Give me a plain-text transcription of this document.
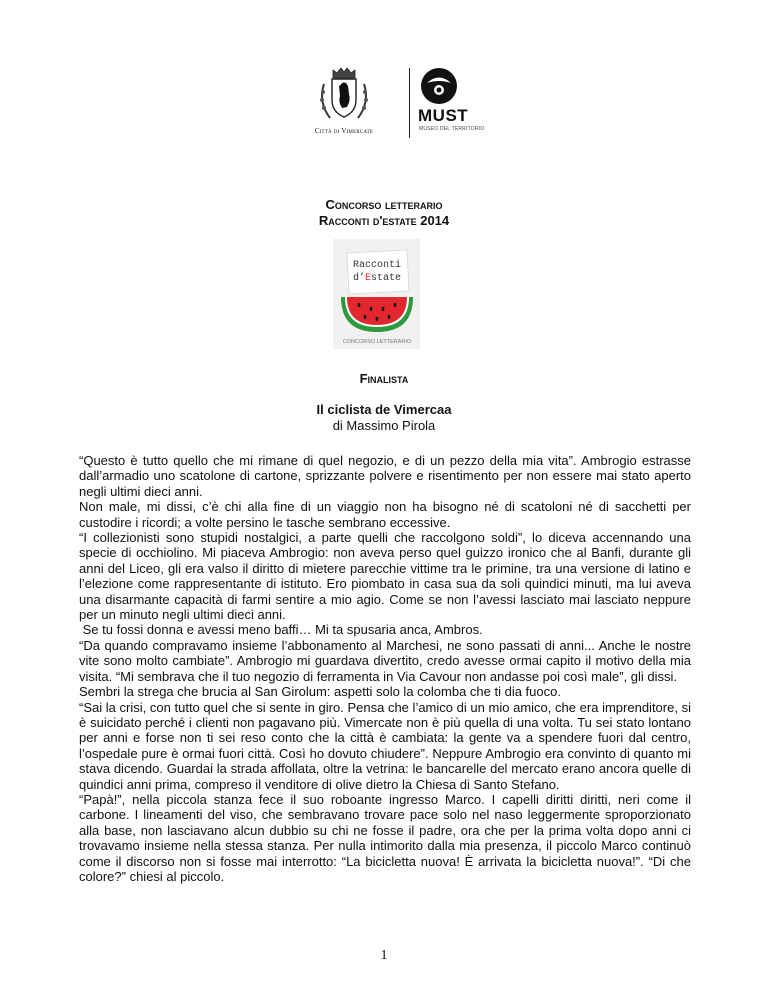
Città di Vimercate
MUST
MUSEO DEL TERRITORIO
Concorso letterario
Racconti d'estate 2014
Racconti
d’Estate
CONCORSO LETTERARIO
Finalista
Il ciclista de Vimercaa
di Massimo Pirola

“Questo è tutto quello che mi rimane di quel negozio, e di un pezzo della mia vita”. Ambrogio estrasse dall’armadio uno scatolone di cartone, sprizzante polvere e risentimento per non essere mai stato aperto negli ultimi dieci anni.

Non male, mi dissi, c’è chi alla fine di un viaggio non ha bisogno né di scatoloni né di sacchetti per custodire i ricordi; a volte persino le tasche sembrano eccessive.

“I collezionisti sono stupidi nostalgici, a parte quelli che raccolgono soldi”, lo diceva accennando una specie di occhiolino. Mi piaceva Ambrogio: non aveva perso quel guizzo ironico che al Banfi, durante gli anni del Liceo, gli era valso il diritto di mietere parecchie vittime tra le primine, tra una versione di latino e l’elezione come rappresentante di istituto. Ero piombato in casa sua da soli quindici minuti, ma lui aveva una disarmante capacità di farmi sentire a mio agio. Come se non l’avessi lasciato mai lasciato neppure per un minuto negli ultimi dieci anni.

Se tu fossi donna e avessi meno baffi… Mi ta spusaria anca, Ambros.

“Da quando compravamo insieme l’abbonamento al Marchesi, ne sono passati di anni... Anche le nostre vite sono molto cambiate”. Ambrogio mi guardava divertito, credo avesse ormai capito il motivo della mia visita. “Mi sembrava che il tuo negozio di ferramenta in Via Cavour non andasse poi così male”, gli dissi.

Sembri la strega che brucia al San Girolum: aspetti solo la colomba che ti dia fuoco.

“Sai la crisi, con tutto quel che si sente in giro. Pensa che l’amico di un mio amico, che era imprenditore, si è suicidato perché i clienti non pagavano più. Vimercate non è più quella di una volta. Tu sei stato lontano per anni e forse non ti sei reso conto che la città è cambiata: la gente va a spendere fuori dal centro, l’ospedale pure è ormai fuori città. Così ho dovuto chiudere”. Neppure Ambrogio era convinto di quanto mi stava dicendo. Guardai la strada affollata, oltre la vetrina: le bancarelle del mercato erano ancora quelle di quindici anni prima, compreso il venditore di olive dietro la Chiesa di Santo Stefano.

“Papà!”, nella piccola stanza fece il suo roboante ingresso Marco. I capelli diritti diritti, neri come il carbone. I lineamenti del viso, che sembravano trovare pace solo nel naso leggermente sproporzionato alla base, non lasciavano alcun dubbio su chi ne fosse il padre, ora che per la prima volta dopo anni ci trovavamo insieme nella stessa stanza. Per nulla intimorito dalla mia presenza, il piccolo Marco continuò come il discorso non si fosse mai interrotto: “La bicicletta nuova! È arrivata la bicicletta nuova!”. “Di che colore?” chiesi al piccolo.

1
